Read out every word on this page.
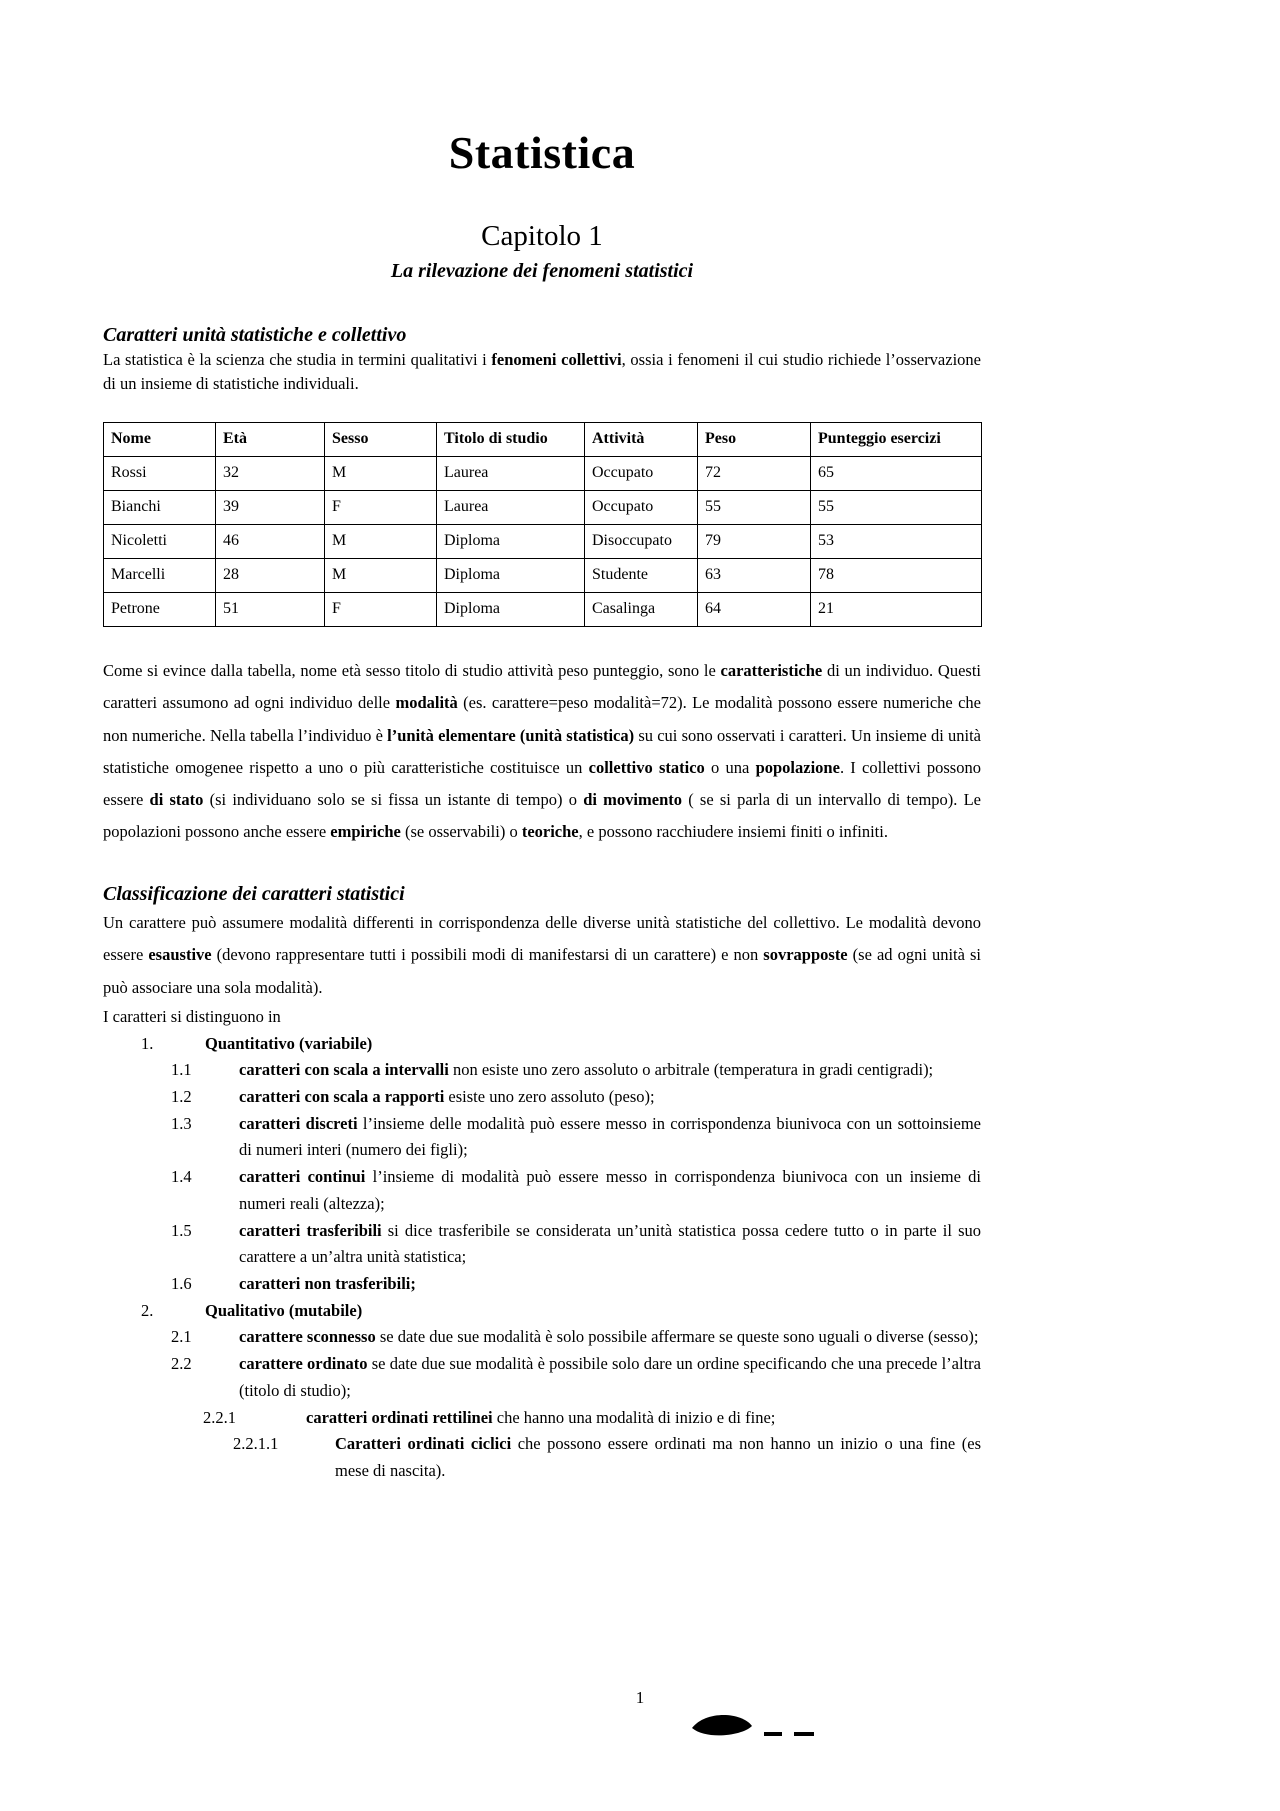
Statistica
Capitolo 1
La rilevazione dei fenomeni statistici
Caratteri unità statistiche e collettivo

La statistica è la scienza che studia in termini qualitativi i fenomeni collettivi, ossia i fenomeni il cui studio richiede l’osservazione di un insieme di statistiche individuali.

Nome	Età	Sesso	Titolo di studio	Attività	Peso	Punteggio esercizi
Rossi	32	M	Laurea	Occupato	72	65
Bianchi	39	F	Laurea	Occupato	55	55
Nicoletti	46	M	Diploma	Disoccupato	79	53
Marcelli	28	M	Diploma	Studente	63	78
Petrone	51	F	Diploma	Casalinga	64	21

Come si evince dalla tabella, nome età sesso titolo di studio attività peso punteggio, sono le caratteristiche di un individuo. Questi caratteri assumono ad ogni individuo delle modalità (es. carattere=peso modalità=72). Le modalità possono essere numeriche che non numeriche. Nella tabella l’individuo è l’unità elementare (unità statistica) su cui sono osservati i caratteri. Un insieme di unità statistiche omogenee rispetto a uno o più caratteristiche costituisce un collettivo statico o una popolazione. I collettivi possono essere di stato (si individuano solo se si fissa un istante di tempo) o di movimento ( se si parla di un intervallo di tempo). Le popolazioni possono anche essere empiriche (se osservabili) o teoriche, e possono racchiudere insiemi finiti o infiniti.

Classificazione dei caratteri statistici

Un carattere può assumere modalità differenti in corrispondenza delle diverse unità statistiche del collettivo. Le modalità devono essere esaustive (devono rappresentare tutti i possibili modi di manifestarsi di un carattere) e non sovrapposte (se ad ogni unità si può associare una sola modalità).

I caratteri si distinguono in

1.	Quantitativo (variabile)
1.1	caratteri con scala a intervalli non esiste uno zero assoluto o arbitrale (temperatura in gradi centigradi);
1.2	caratteri con scala a rapporti esiste uno zero assoluto (peso);
1.3	caratteri discreti l’insieme delle modalità può essere messo in corrispondenza biunivoca con un sottoinsieme di numeri interi (numero dei figli);
1.4	caratteri continui l’insieme di modalità può essere messo in corrispondenza biunivoca con un insieme di numeri reali (altezza);
1.5	caratteri trasferibili si dice trasferibile se considerata un’unità statistica possa cedere tutto o in parte il suo carattere a un’altra unità statistica;
1.6	caratteri non trasferibili;
2.	Qualitativo (mutabile)
2.1	carattere sconnesso se date due sue modalità è solo possibile affermare se queste sono uguali o diverse (sesso);
2.2	carattere ordinato se date due sue modalità è possibile solo dare un ordine specificando che una precede l’altra (titolo di studio);
2.2.1	caratteri ordinati rettilinei che hanno una modalità di inizio e di fine;
2.2.1.1	Caratteri ordinati ciclici che possono essere ordinati ma non hanno un inizio o una fine (es mese di nascita).
1
